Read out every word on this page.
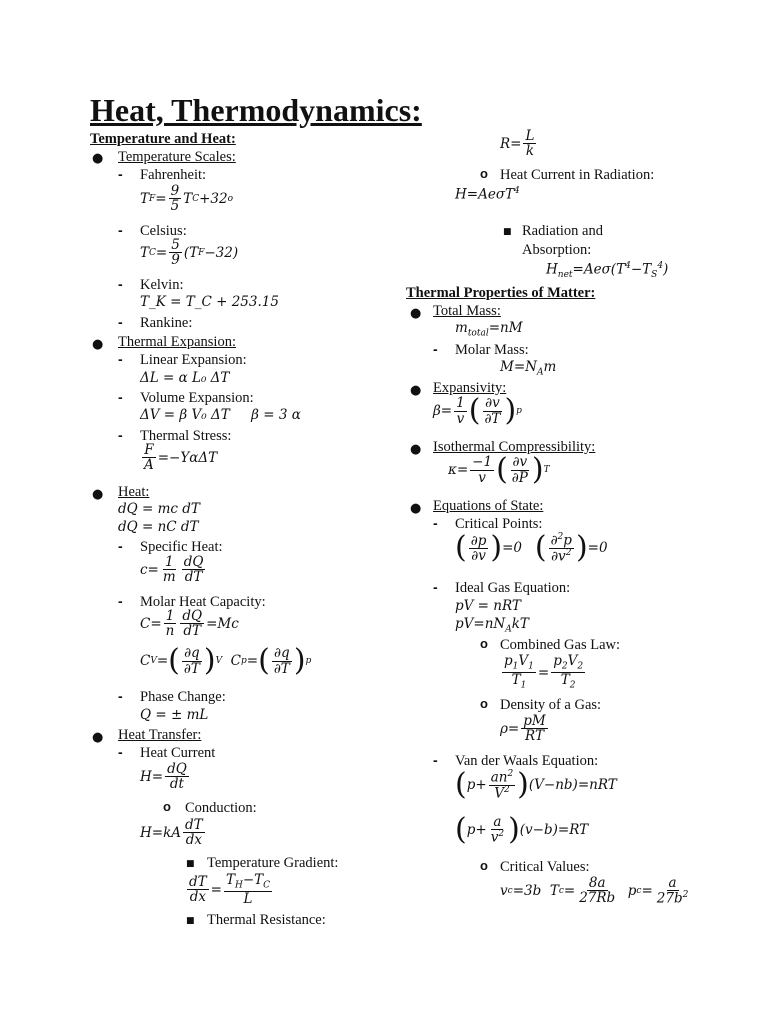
Heat, Thermodynamics:
Temperature and Heat:
● Temperature Scales:
- Fahrenheit:
T $F = \frac{9}{5}$ T C +32 o
- Celsius:
T $C = \frac{5}{9} (T$ F −32)
- Kelvin:
T_K = T_C + 253.15
- Rankine:
● Thermal Expansion:
- Linear Expansion:
ΔL = α L₀ ΔT
- Volume Expansion:
ΔV = β V₀ ΔT     β = 3 α
- Thermal Stress:
$\frac{F}{A} =-Y\alpha\Delta T$
● Heat:
dQ = mc dT
dQ = nC dT
- Specific Heat:
$c= \frac{1}{m} \frac{dQ}{dT}$
- Molar Heat Capacity:
$C= \frac{1}{n} \frac{dQ}{dT} =Mc$
C V = ( $\frac{\partial q}{\partial T}$ ) V C p = ( $\frac{\partial q}{\partial T}$ ) p
- Phase Change:
Q = ± mL
● Heat Transfer:
- Heat Current
$H= \frac{dQ}{dt}$
o Conduction:
$H=kA \frac{dT}{dx}$
■ Temperature Gradient:
$\frac{dT}{dx} = \frac{T_H-T_C}{L}$
■ Thermal Resistance:
$R= \frac{L}{k}$
o Heat Current in Radiation:
H=AeσT$^4$
■ Radiation and
Absorption:
$H_{net}=Ae\sigma(T^4-T_S^4)$
Thermal Properties of Matter:
● Total Mass:
$m_{total}=nM$
- Molar Mass:
$M=N_Am$
● Expansivity:
$\beta= \frac{1}{v}$ ( $\frac{\partial v}{\partial T}$ ) p
● Isothermal Compressibility:
$\kappa= \frac{-1}{v}$ ( $\frac{\partial v}{\partial P}$ ) T
● Equations of State:
- Critical Points:
( $\frac{\partial p}{\partial v}$ ) =0 ( $\frac{\partial^2p}{\partial v^2}$ ) =0
- Ideal Gas Equation:
pV = nRT
$pV=nN_AkT$
o Combined Gas Law:
$\frac{p_1V_1}{T_1} = \frac{p_2V_2}{T_2}$
o Density of a Gas:
$\rho= \frac{pM}{RT}$
- Van der Waals Equation:
( $p+ \frac{an^2}{V^2}$ ) (V−nb)=nRT
( $p+ \frac{a}{v^2}$ ) (v−b)=RT
o Critical Values:
v c =3b  T $c = \frac{8a}{27Rb}$ p $c = \frac{a}{27b^2}$
